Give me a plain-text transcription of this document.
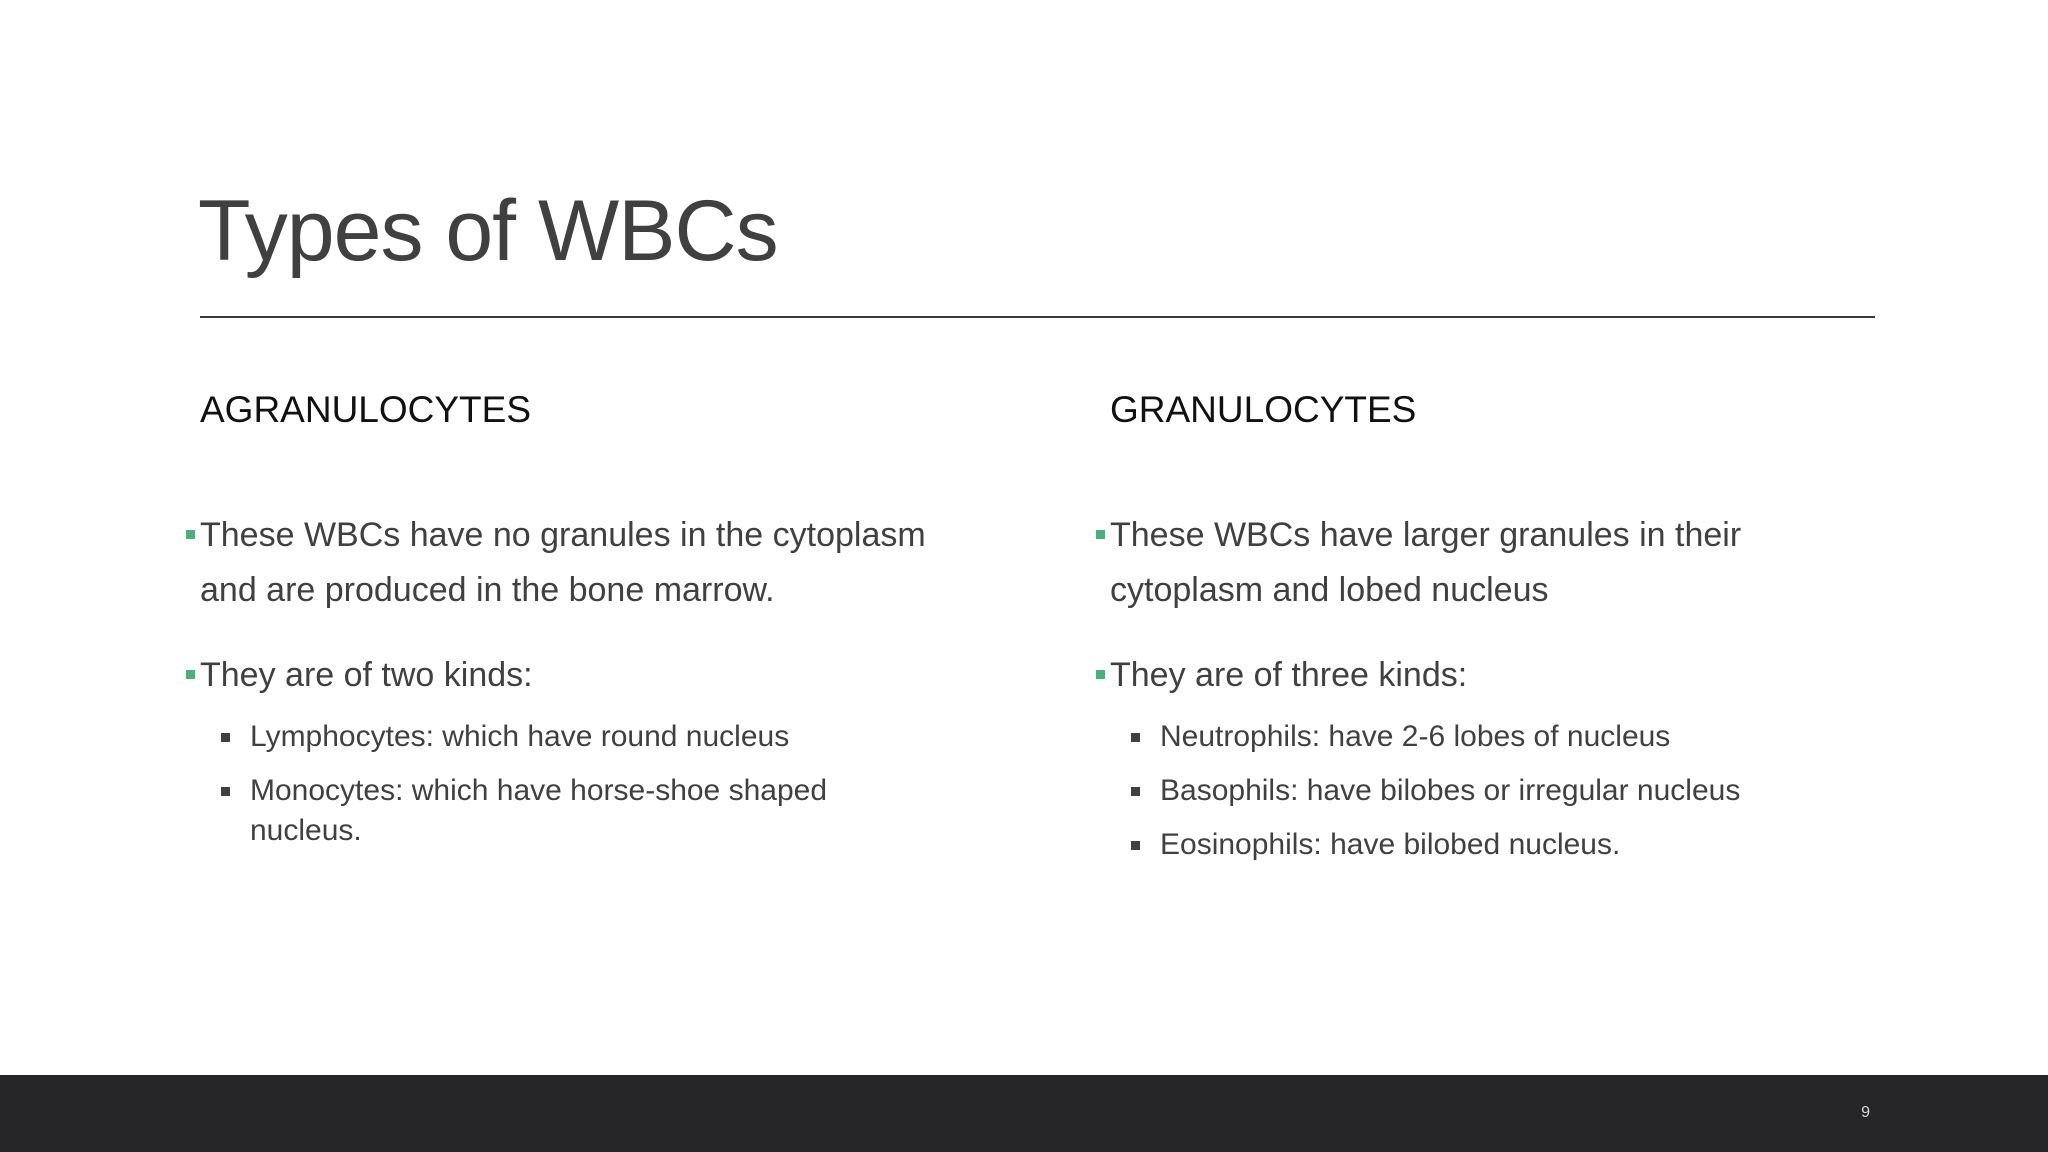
Types of WBCs
AGRANULOCYTES
These WBCs have no granules in the cytoplasm and are produced in the bone marrow.
They are of two kinds:
Lymphocytes: which have round nucleus
Monocytes: which have horse-shoe shaped nucleus.
GRANULOCYTES
These WBCs have larger granules in their cytoplasm and lobed nucleus
They are of three kinds:
Neutrophils: have 2-6 lobes of nucleus
Basophils: have bilobes or irregular nucleus
Eosinophils: have bilobed nucleus.
9
